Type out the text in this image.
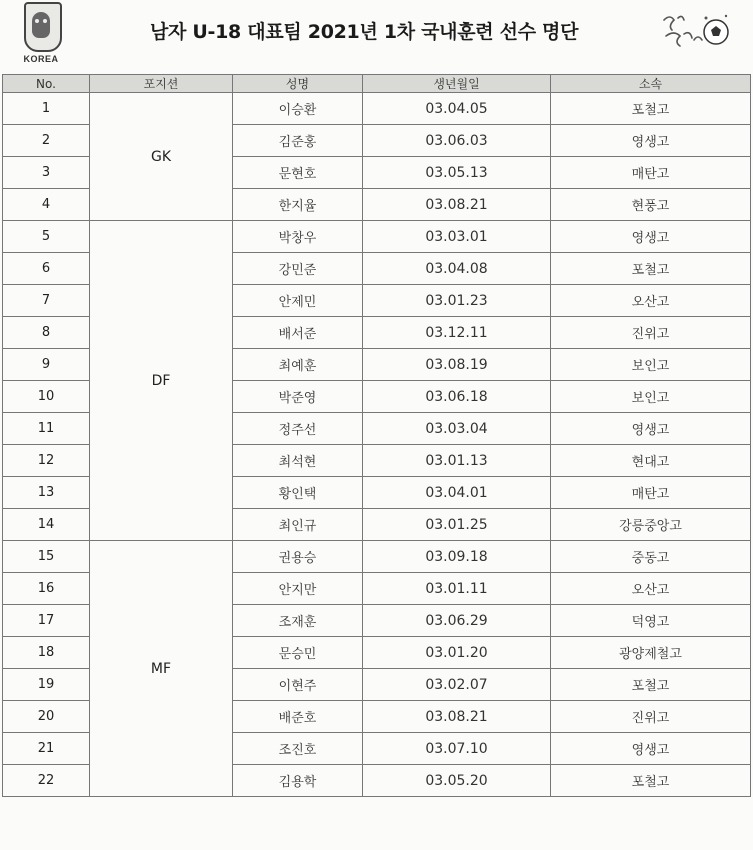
KOREA
남자 U-18 대표팀 2021년 1차 국내훈련 선수 명단
No.	포지션	성명	생년월일	소속
1	GK	이승환	03.04.05	포철고
2		김준홍	03.06.03	영생고
3		문현호	03.05.13	매탄고
4		한지율	03.08.21	현풍고
5	DF	박창우	03.03.01	영생고
6		강민준	03.04.08	포철고
7		안제민	03.01.23	오산고
8		배서준	03.12.11	진위고
9		최예훈	03.08.19	보인고
10		박준영	03.06.18	보인고
11		정주선	03.03.04	영생고
12		최석현	03.01.13	현대고
13		황인택	03.04.01	매탄고
14		최인규	03.01.25	강릉중앙고
15	MF	권용승	03.09.18	중동고
16		안지만	03.01.11	오산고
17		조재훈	03.06.29	덕영고
18		문승민	03.01.20	광양제철고
19		이현주	03.02.07	포철고
20		배준호	03.08.21	진위고
21		조진호	03.07.10	영생고
22		김용학	03.05.20	포철고
